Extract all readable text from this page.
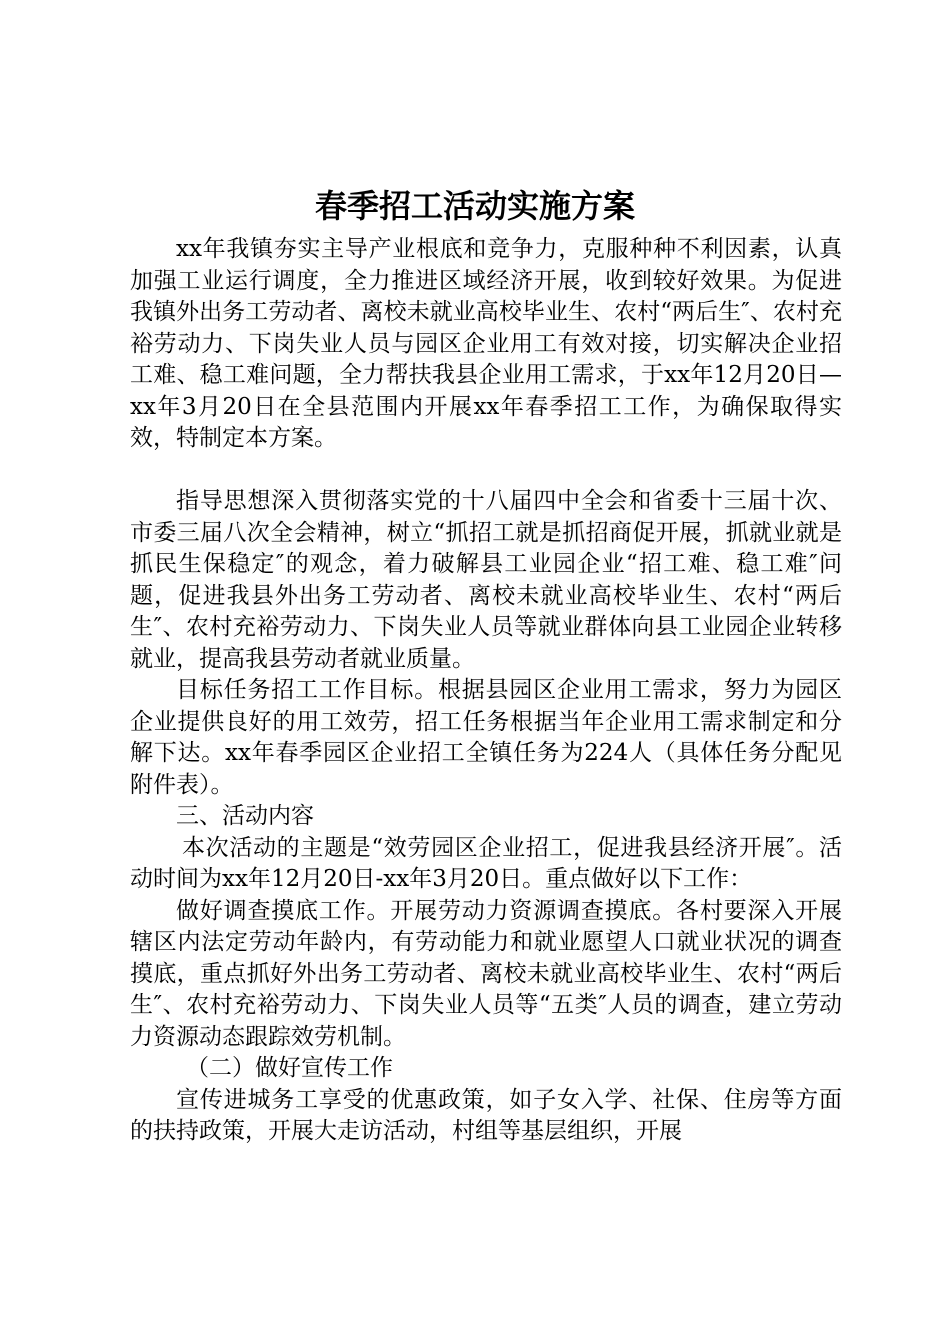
春季招工活动实施方案

xx年我镇夯实主导产业根底和竞争力，克服种种不利因素，认真加强工业运行调度，全力推进区域经济开展，收到较好效果。为促进我镇外出务工劳动者、离校未就业高校毕业生、农村“两后生″、农村充裕劳动力、下岗失业人员与园区企业用工有效对接，切实解决企业招工难、稳工难问题，全力帮扶我县企业用工需求，于xx年12月20日—xx年3月20日在全县范围内开展xx年春季招工工作，为确保取得实效，特制定本方案。

指导思想深入贯彻落实党的十八届四中全会和省委十三届十次、市委三届八次全会精神，树立“抓招工就是抓招商促开展，抓就业就是抓民生保稳定″的观念，着力破解县工业园企业“招工难、稳工难″问题，促进我县外出务工劳动者、离校未就业高校毕业生、农村“两后生″、农村充裕劳动力、下岗失业人员等就业群体向县工业园企业转移就业，提高我县劳动者就业质量。

目标任务招工工作目标。根据县园区企业用工需求，努力为园区企业提供良好的用工效劳，招工任务根据当年企业用工需求制定和分解下达。xx年春季园区企业招工全镇任务为224人（具体任务分配见附件表）。

三、活动内容

本次活动的主题是“效劳园区企业招工，促进我县经济开展″。活动时间为xx年12月20日-xx年3月20日。重点做好以下工作：

做好调查摸底工作。开展劳动力资源调查摸底。各村要深入开展辖区内法定劳动年龄内，有劳动能力和就业愿望人口就业状况的调查摸底，重点抓好外出务工劳动者、离校未就业高校毕业生、农村“两后生″、农村充裕劳动力、下岗失业人员等“五类″人员的调查，建立劳动力资源动态跟踪效劳机制。

（二）做好宣传工作

宣传进城务工享受的优惠政策，如子女入学、社保、住房等方面的扶持政策，开展大走访活动，村组等基层组织，开展
